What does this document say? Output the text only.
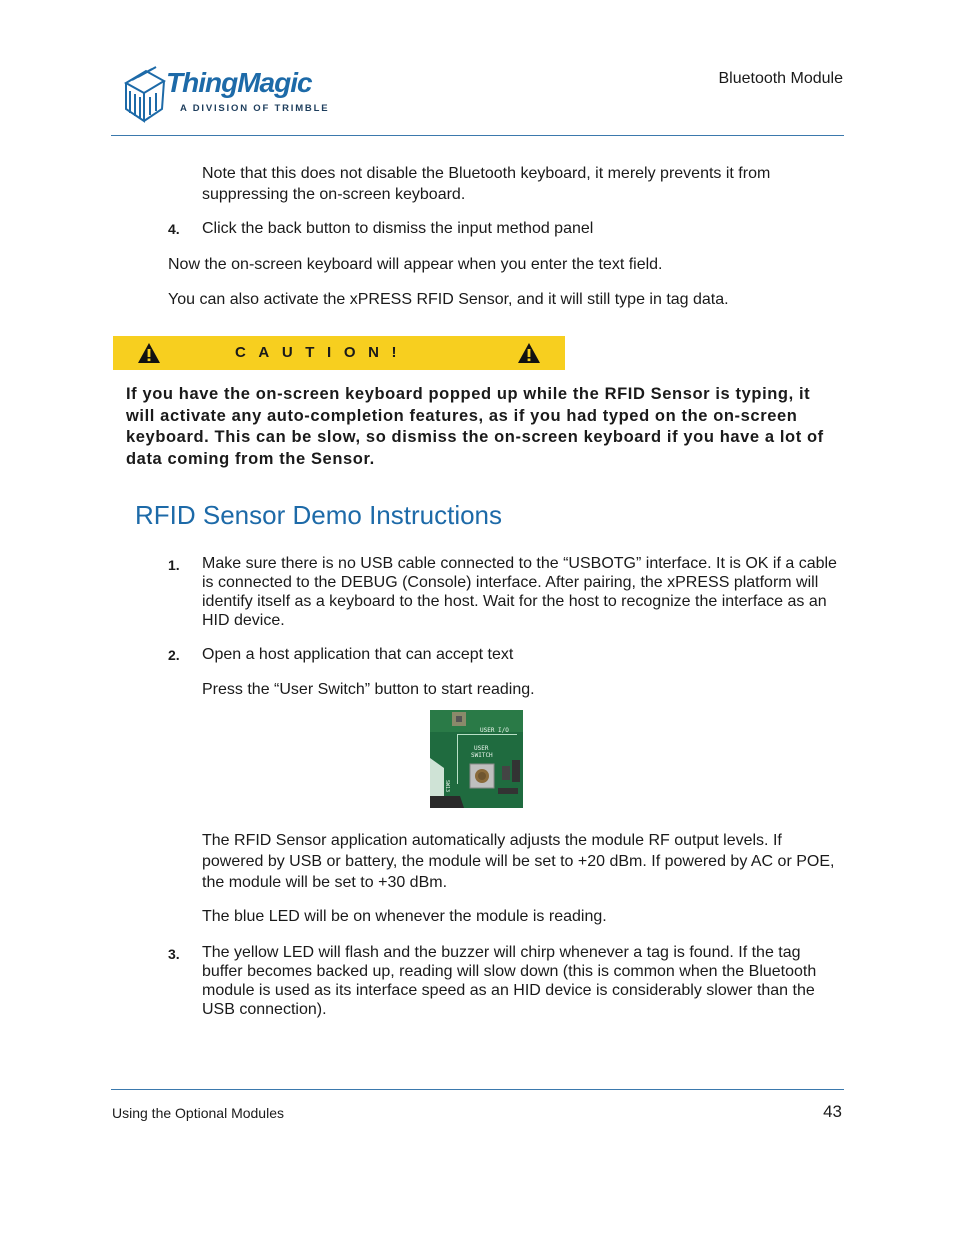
ThingMagic
A DIVISION OF TRIMBLE
Bluetooth Module
Note that this does not disable the Bluetooth keyboard, it merely prevents it from suppressing the on-screen keyboard.
4. Click the back button to dismiss the input method panel
Now the on-screen keyboard will appear when you enter the text field.
You can also activate the xPRESS RFID Sensor, and it will still type in tag data.
CAUTION!
If you have the on-screen keyboard popped up while the RFID Sensor is typing, it will activate any auto-completion features, as if you had typed on the on-screen keyboard. This can be slow, so dismiss the on-screen keyboard if you have a lot of data coming from the Sensor.
RFID Sensor Demo Instructions
1. Make sure there is no USB cable connected to the “USBOTG” interface. It is OK if a cable is connected to the DEBUG (Console) interface. After pairing, the xPRESS platform will identify itself as a keyboard to the host. Wait for the host to recognize the interface as an HID device.
2. Open a host application that can accept text
Press the “User Switch” button to start reading.
USER I/O
USER
SWITCH
SW13
The RFID Sensor application automatically adjusts the module RF output levels. If powered by USB or battery, the module will be set to +20 dBm. If powered by AC or POE, the module will be set to +30 dBm.
The blue LED will be on whenever the module is reading.
3. The yellow LED will flash and the buzzer will chirp whenever a tag is found. If the tag buffer becomes backed up, reading will slow down (this is common when the Bluetooth module is used as its interface speed as an HID device is considerably slower than the USB connection).
Using the Optional Modules	43
